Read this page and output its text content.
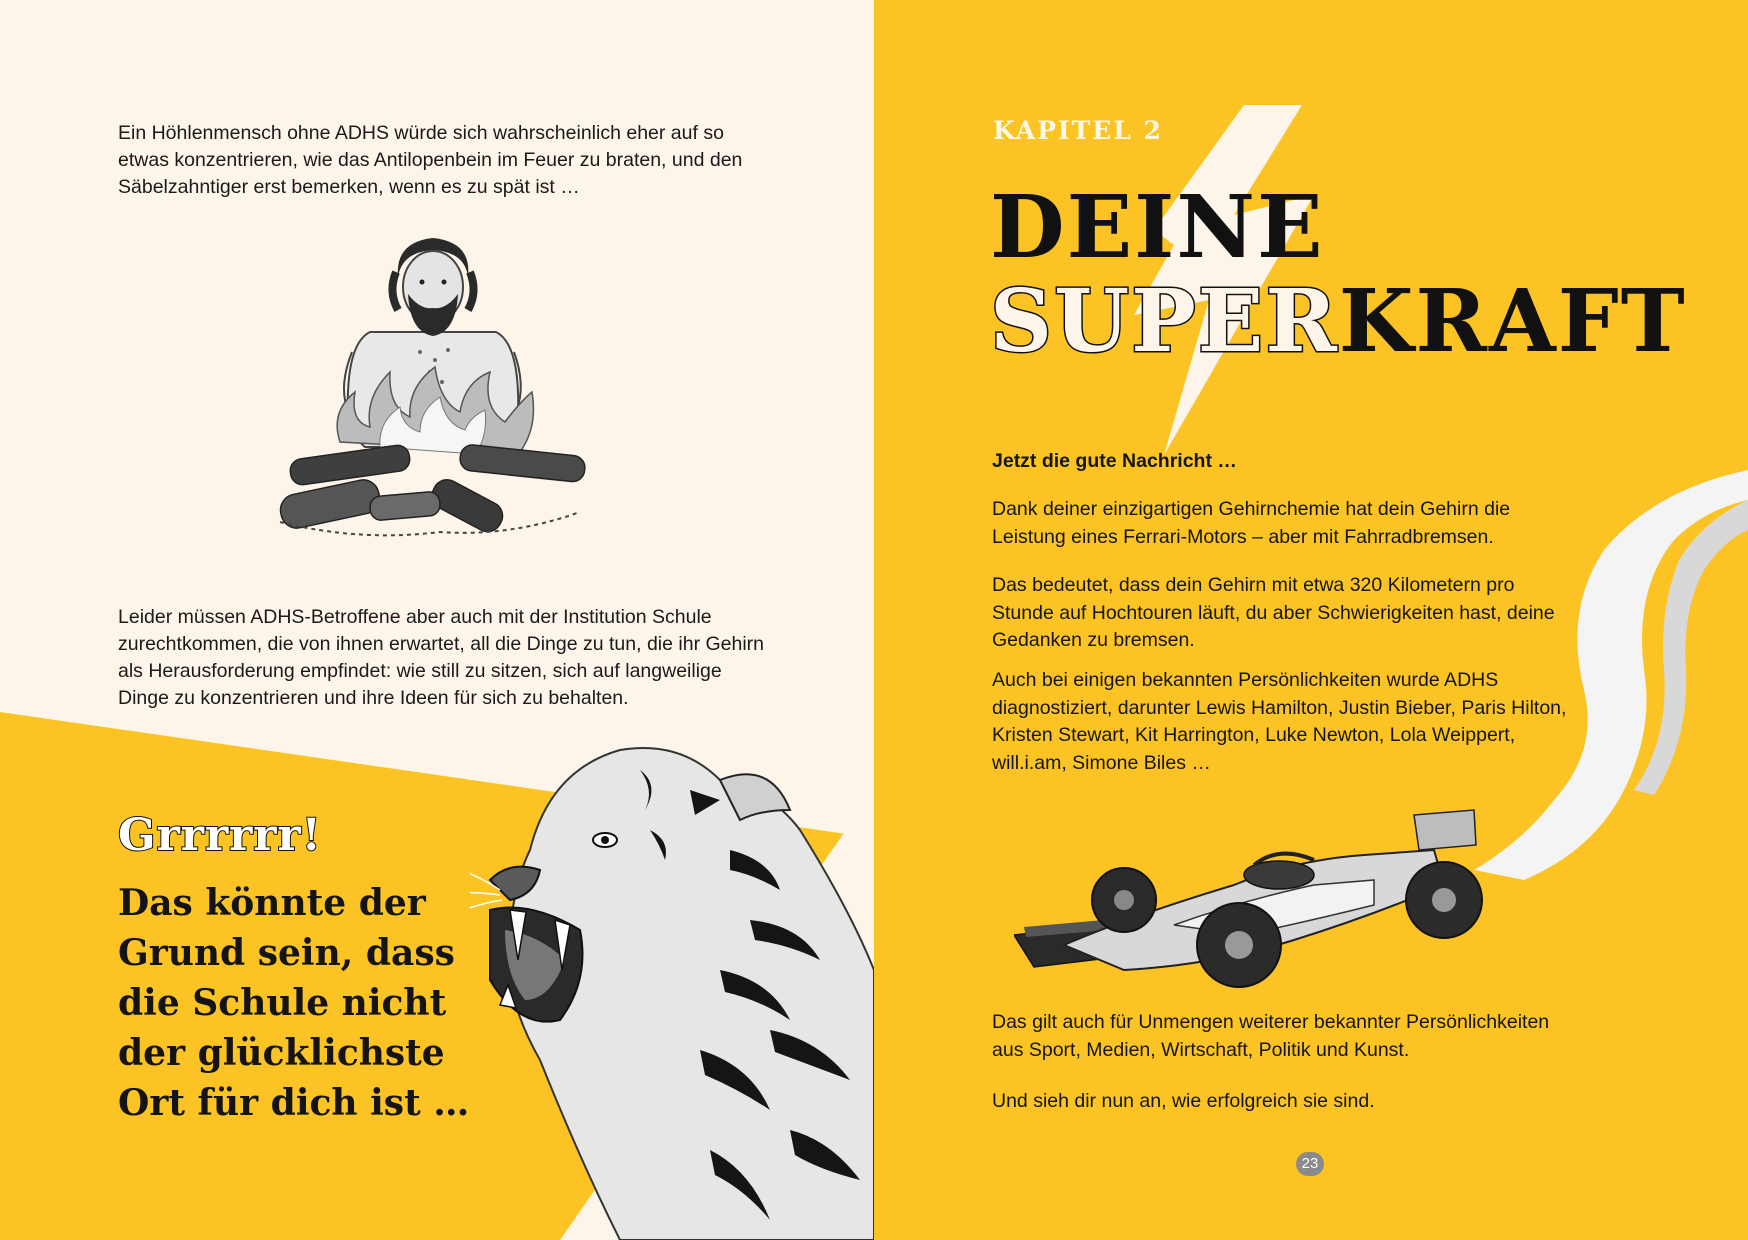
Ein Höhlenmensch ohne ADHS würde sich wahrscheinlich eher auf so etwas konzentrieren, wie das Antilopenbein im Feuer zu braten, und den Säbelzahntiger erst bemerken, wenn es zu spät ist …
Leider müssen ADHS-Betroffene aber auch mit der Institution Schule zurechtkommen, die von ihnen erwartet, all die Dinge zu tun, die ihr Gehirn als Herausforderung empfindet: wie still zu sitzen, sich auf langweilige Dinge zu konzentrieren und ihre Ideen für sich zu behalten.
Grrrrrr!
Das könnte der Grund sein, dass die Schule nicht der glücklichste Ort für dich ist …
KAPITEL 2
DEINE
SUPERKRAFT
Jetzt die gute Nachricht …
Dank deiner einzigartigen Gehirnchemie hat dein Gehirn die Leistung eines Ferrari-Motors – aber mit Fahrradbremsen.
Das bedeutet, dass dein Gehirn mit etwa 320 Kilometern pro Stunde auf Hochtouren läuft, du aber Schwierigkeiten hast, deine Gedanken zu bremsen.
Auch bei einigen bekannten Persönlichkeiten wurde ADHS diagnostiziert, darunter Lewis Hamilton, Justin Bieber, Paris Hilton, Kristen Stewart, Kit Harrington, Luke Newton, Lola Weippert, will.i.am, Simone Biles …
Das gilt auch für Unmengen weiterer bekannter Persönlichkeiten aus Sport, Medien, Wirtschaft, Politik und Kunst.
Und sieh dir nun an, wie erfolgreich sie sind.
23
